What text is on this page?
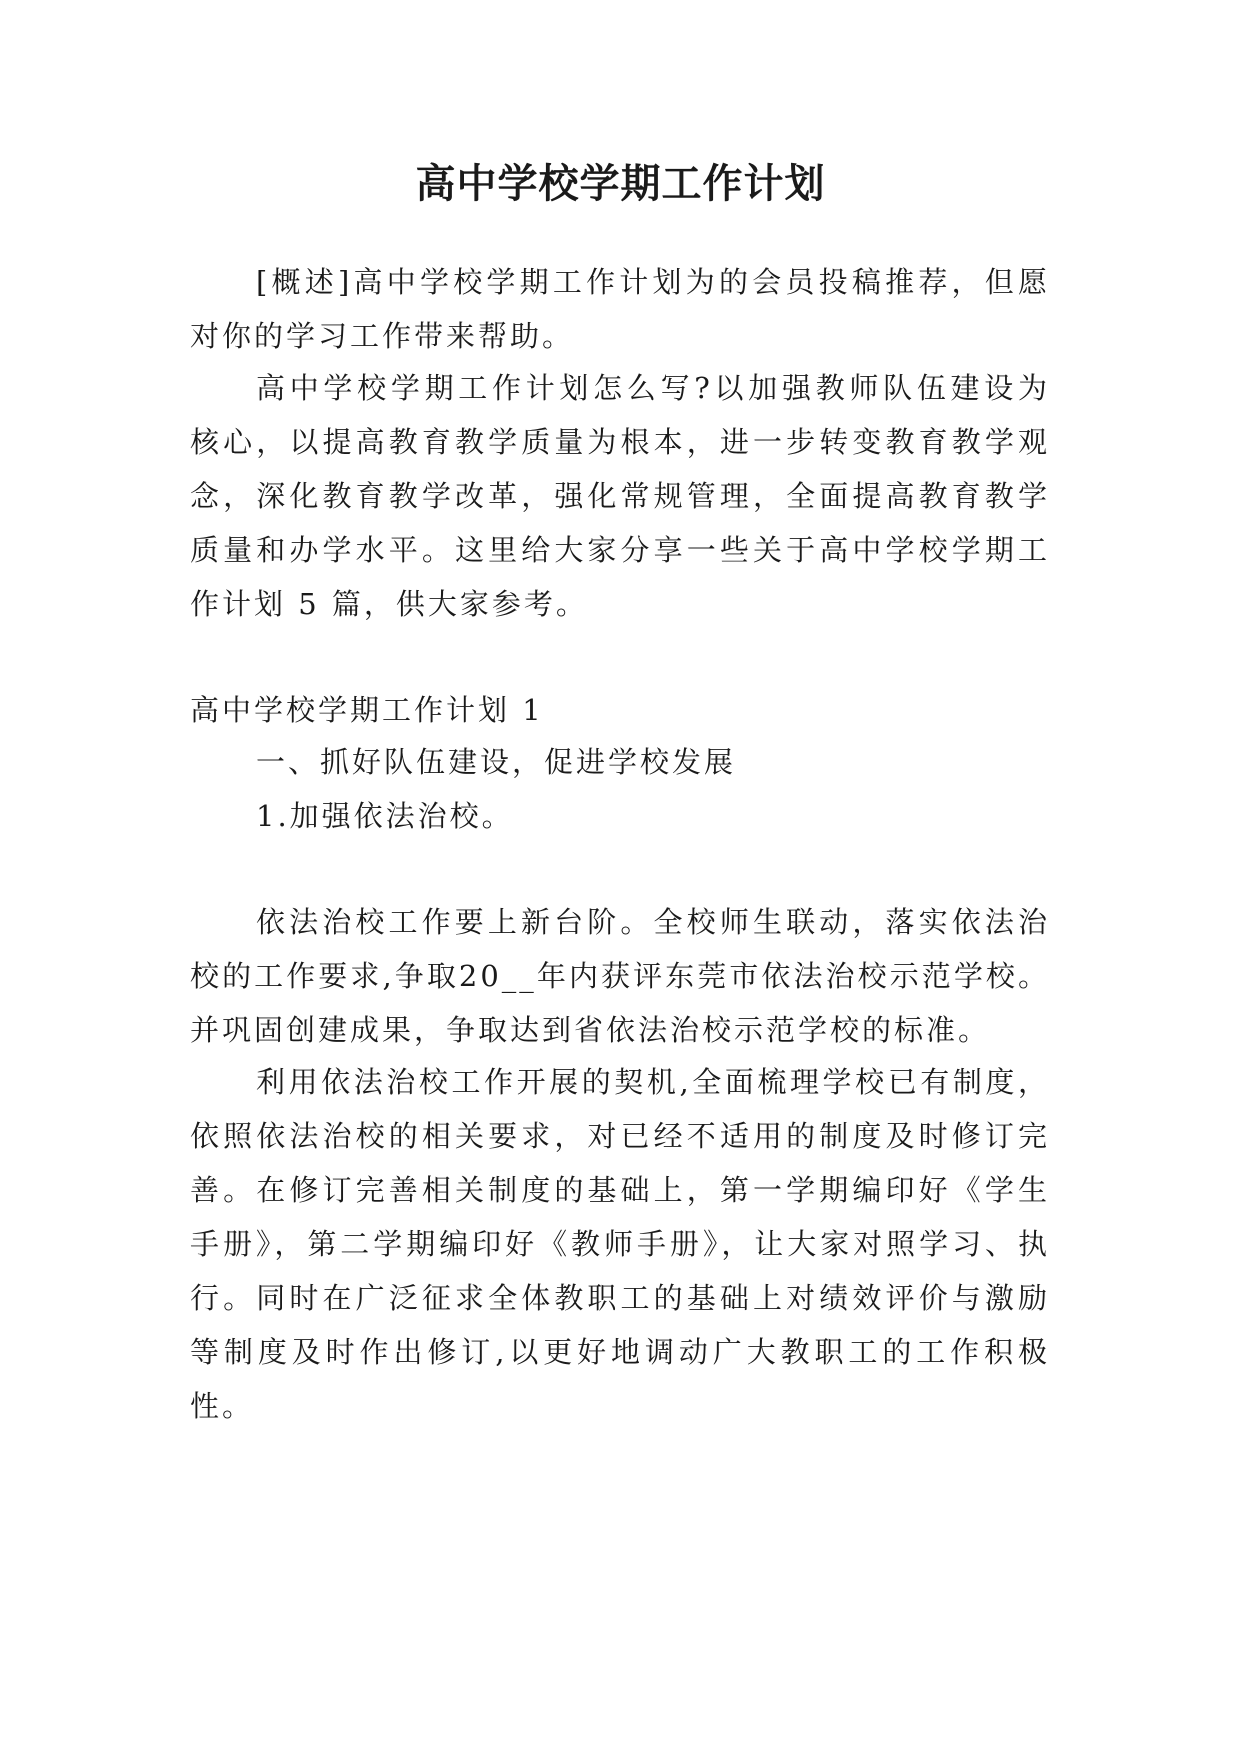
高中学校学期工作计划
[概述]高中学校学期工作计划为的会员投稿推荐，但愿
对你的学习工作带来帮助。
高中学校学期工作计划怎么写?以加强教师队伍建设为
核心，以提高教育教学质量为根本，进一步转变教育教学观
念，深化教育教学改革，强化常规管理，全面提高教育教学
质量和办学水平。这里给大家分享一些关于高中学校学期工
作计划 5 篇，供大家参考。
高中学校学期工作计划 1
一、抓好队伍建设，促进学校发展
1.加强依法治校。
依法治校工作要上新台阶。全校师生联动，落实依法治
校的工作要求,争取20__年内获评东莞市依法治校示范学校。
并巩固创建成果，争取达到省依法治校示范学校的标准。
利用依法治校工作开展的契机,全面梳理学校已有制度，
依照依法治校的相关要求，对已经不适用的制度及时修订完
善。在修订完善相关制度的基础上，第一学期编印好《学生
手册》，第二学期编印好《教师手册》，让大家对照学习、执
行。同时在广泛征求全体教职工的基础上对绩效评价与激励
等制度及时作出修订,以更好地调动广大教职工的工作积极
性。
